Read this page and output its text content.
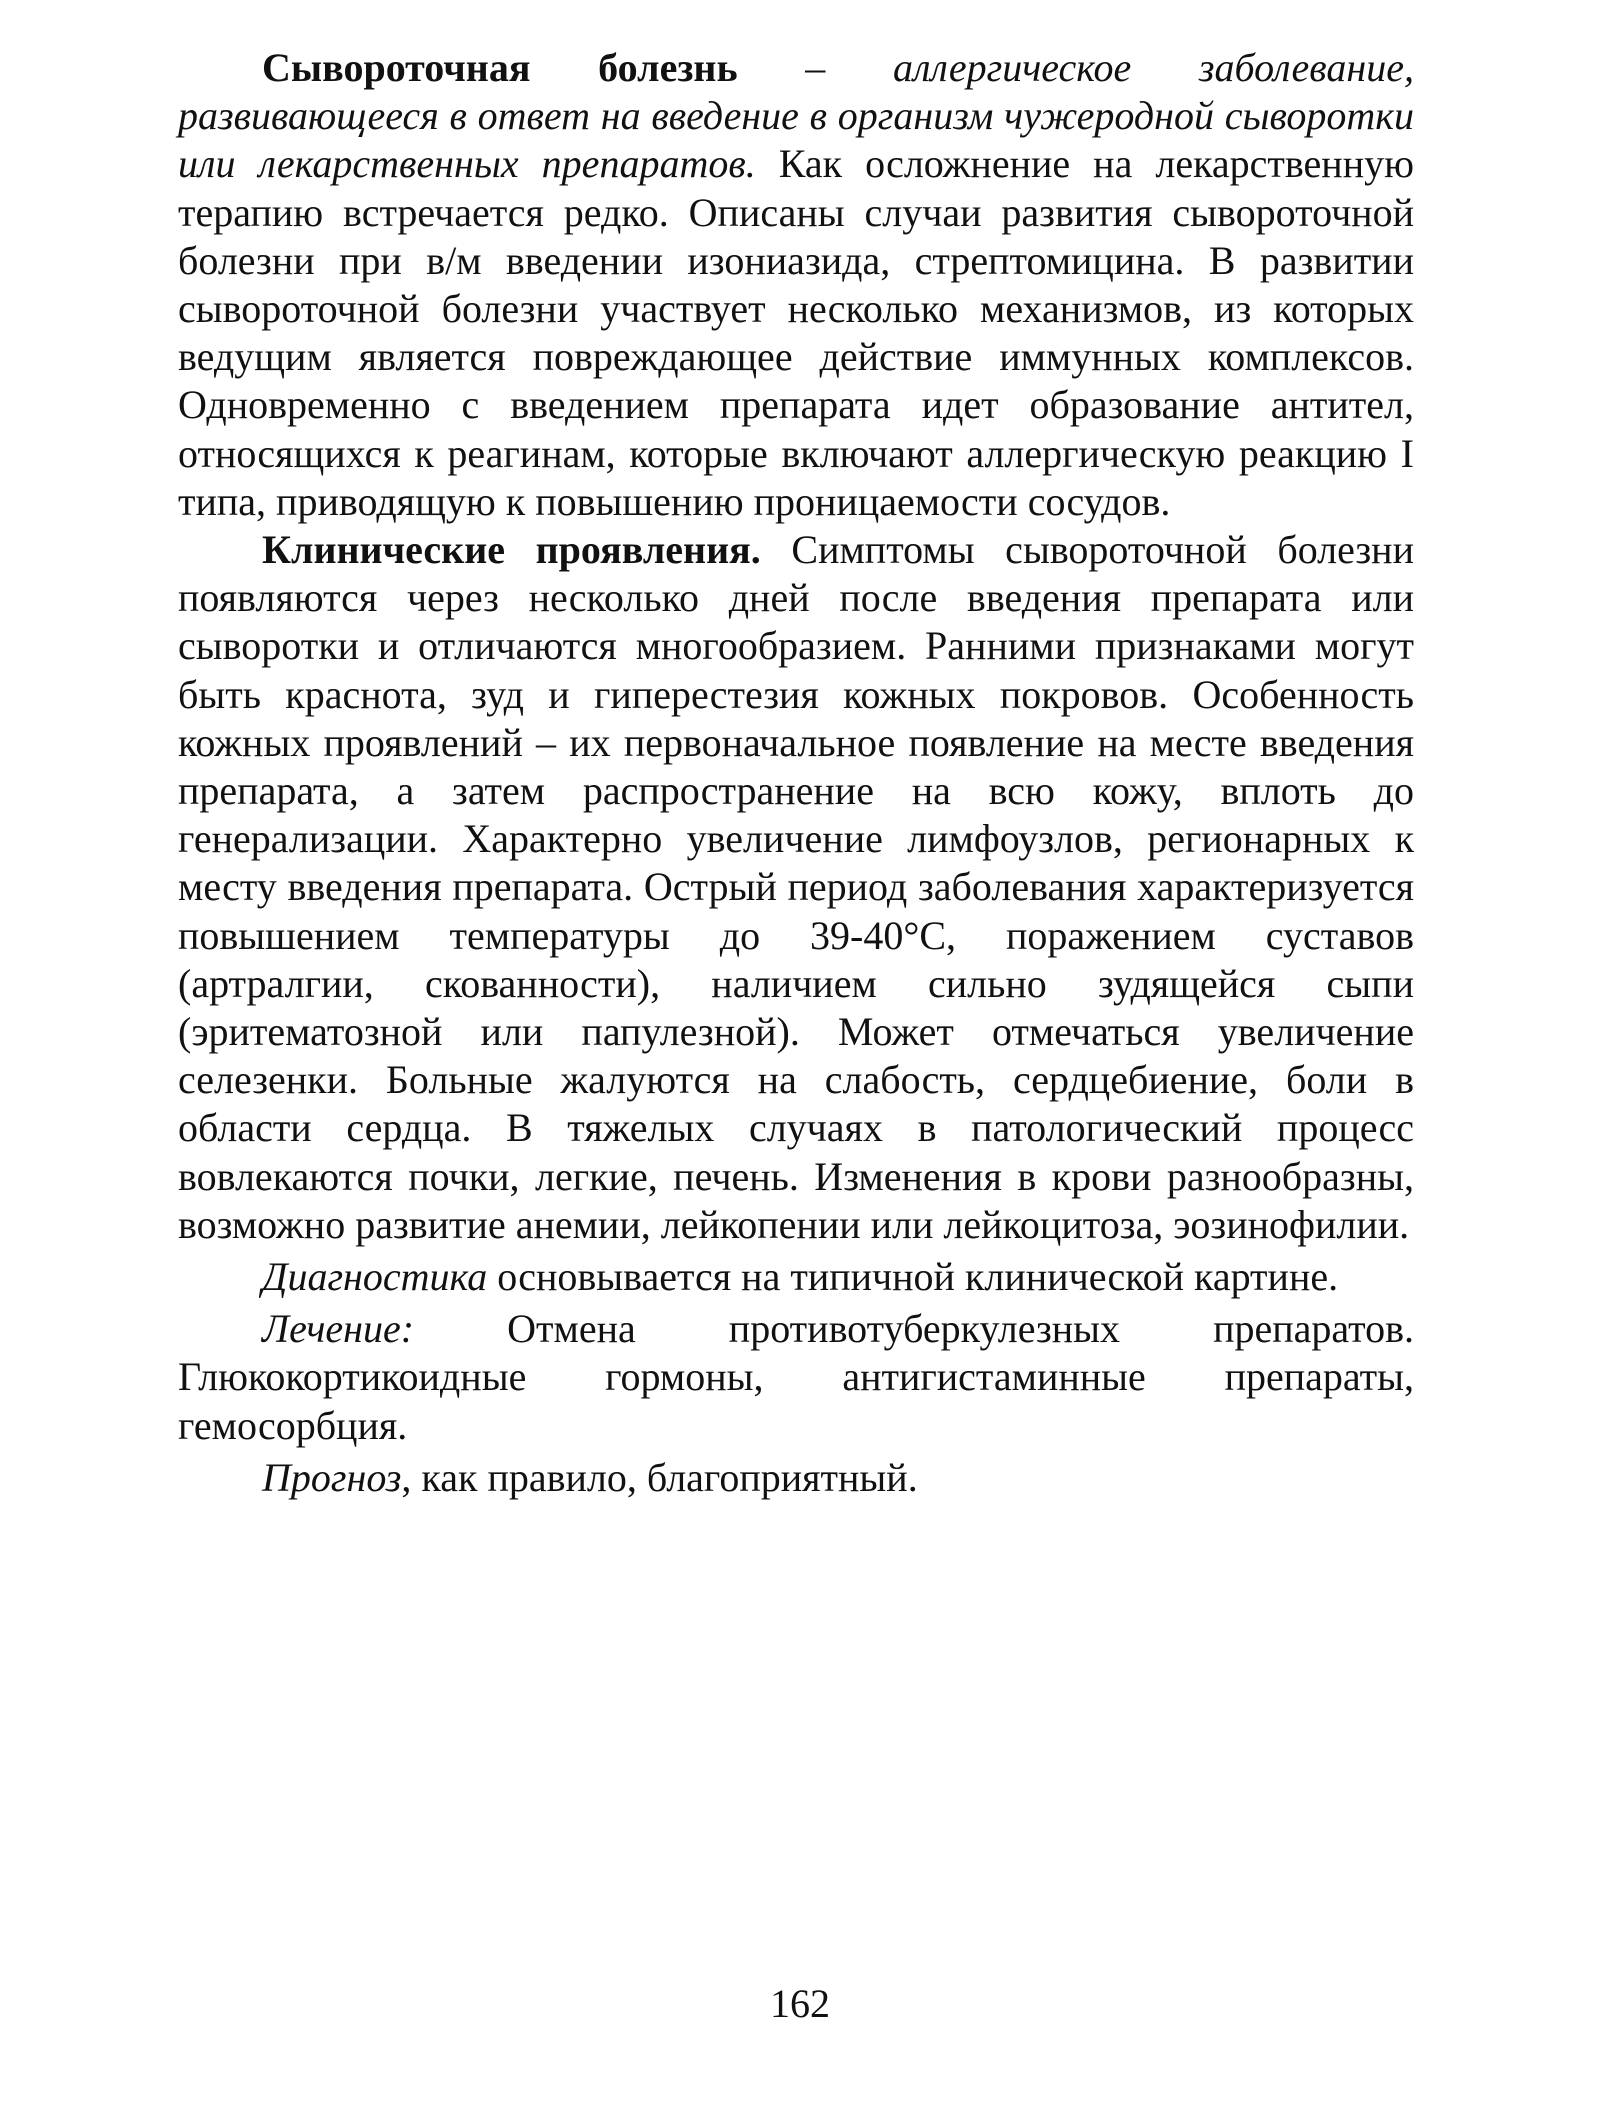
Сывороточная болезнь – аллергическое заболевание, развивающееся в ответ на введение в организм чужеродной сыворотки или лекарственных препаратов. Как осложнение на лекарственную терапию встречается редко. Описаны случаи развития сывороточной болезни при в/м введении изониазида, стрептомицина. В развитии сывороточной болезни участвует несколько механизмов, из которых ведущим является повреждающее действие иммунных комплексов. Одновременно с введением препарата идет образование антител, относящихся к реагинам, которые включают аллергическую реакцию I типа, приводящую к повышению проницаемости сосудов.

Клинические проявления. Симптомы сывороточной болезни появляются через несколько дней после введения препарата или сыворотки и отличаются многообразием. Ранними признаками могут быть краснота, зуд и гиперестезия кожных покровов. Особенность кожных проявлений – их первоначальное появление на месте введения препарата, а затем распространение на всю кожу, вплоть до генерализации. Характерно увеличение лимфоузлов, регионарных к месту введения препарата. Острый период заболевания характеризуется повышением температуры до 39-40°С, поражением суставов (артралгии, скованности), наличием сильно зудящейся сыпи (эритематозной или папулезной). Может отмечаться увеличение селезенки. Больные жалуются на слабость, сердцебиение, боли в области сердца. В тяжелых случаях в патологический процесс вовлекаются почки, легкие, печень. Изменения в крови разнообразны, возможно развитие анемии, лейкопении или лейкоцитоза, эозинофилии.

Диагностика основывается на типичной клинической картине.

Лечение: Отмена противотуберкулезных препаратов. Глюкокортикоидные гормоны, антигистаминные препараты, гемосорбция.

Прогноз, как правило, благоприятный.

162
